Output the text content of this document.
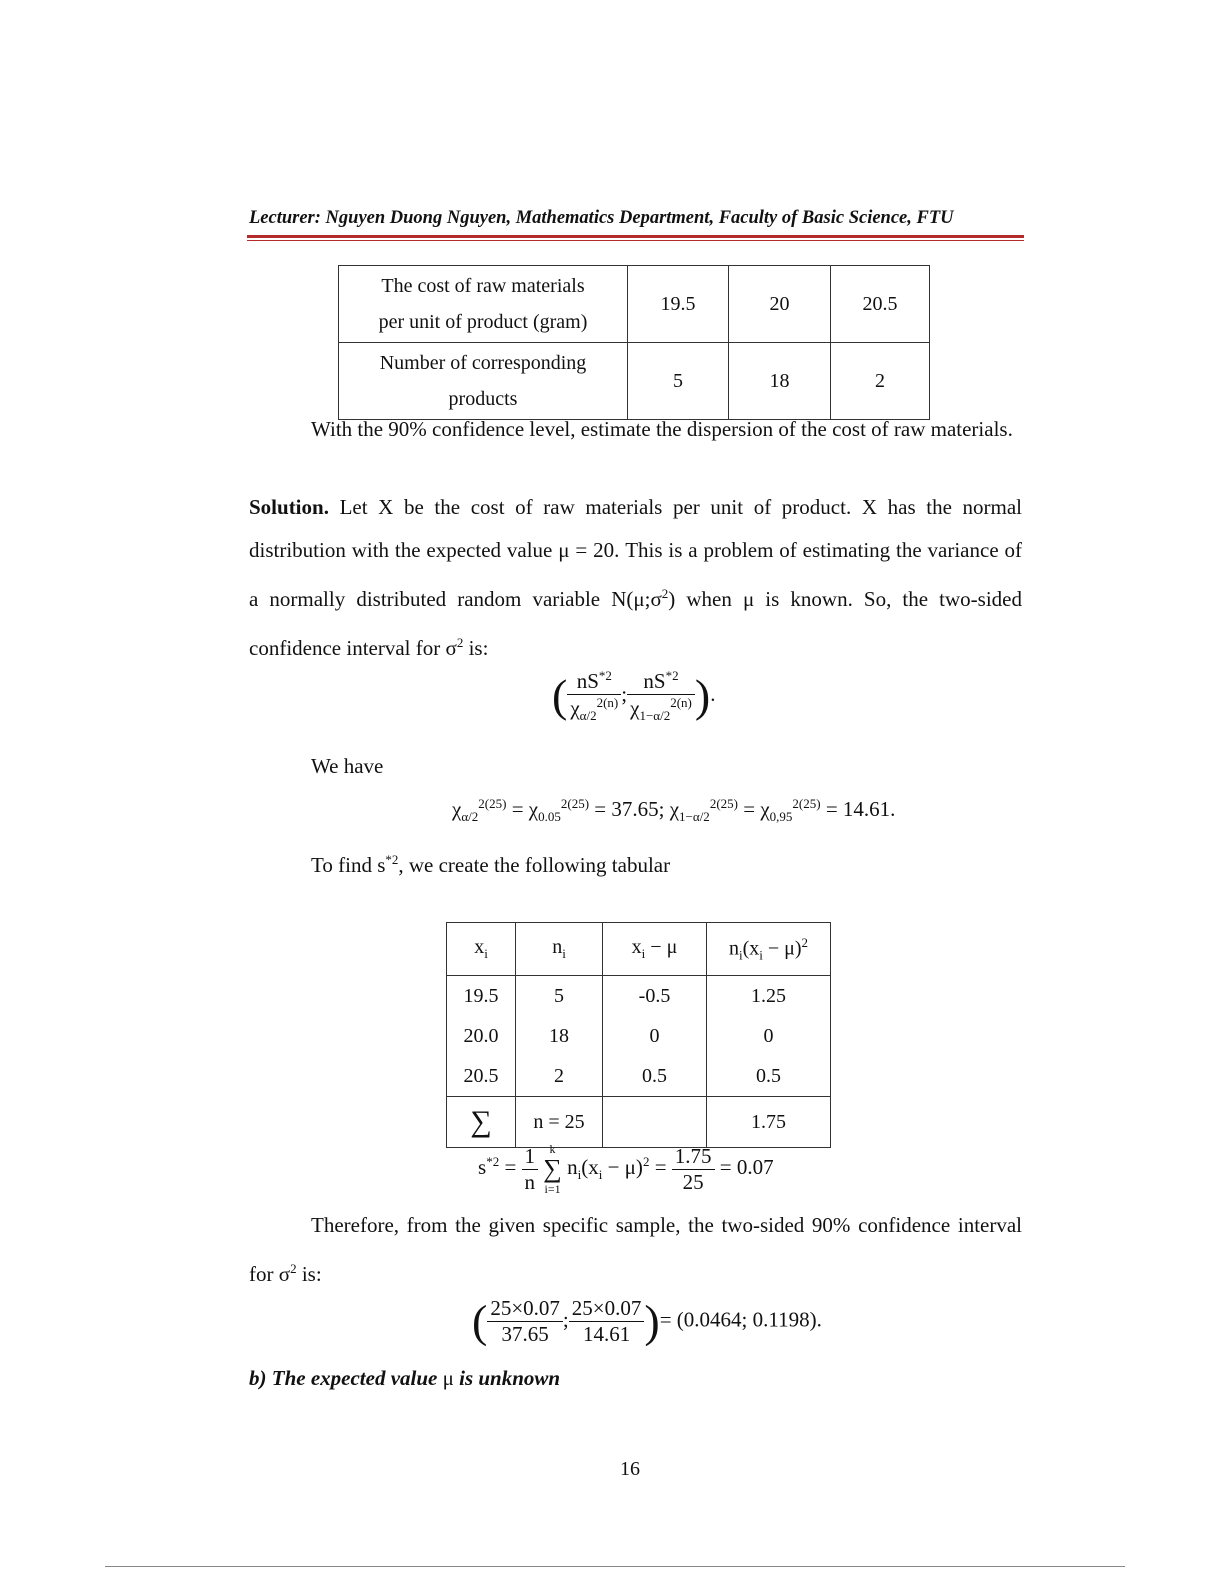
Lecturer: Nguyen Duong Nguyen, Mathematics Department, Faculty of Basic Science, FTU
The cost of raw materials
per unit of product (gram)	19.5	20	20.5
Number of corresponding
products	5	18	2
With the 90% confidence level, estimate the dispersion of the cost of raw materials.
Solution. Let X be the cost of raw materials per unit of product. X has the normal distribution with the expected value μ = 20. This is a problem of estimating the variance of a normally distributed random variable $N(\mu;\sigma^2)$ when μ is known. So, the two-sided confidence interval for $\sigma^2$ is:
( $\frac{nS^{*2}}{\chi_{\alpha/2}^{2(n)}}$ ; $\frac{nS^{*2}}{\chi_{1-\alpha/2}^{2(n)}}$ ).
We have
$\chi_{\alpha/2}^{2(25)} = \chi_{0.05}^{2(25)} = 37.65$; $\chi_{1-\alpha/2}^{2(25)} = \chi_{0,95}^{2(25)} = 14.61$.
To find $s^{*2}$, we create the following tabular
$x_i$	$n_i$	$x_i - \mu$	$n_i(x_i - \mu)^2$
19.5	5	-0.5	1.25
20.0	18	0	0
20.5	2	0.5	0.5
∑	n = 25		1.75
$s^{*2} = \frac{1}{n}$
k
∑
i=1
$n_i(x_i - \mu)^2 = \frac{1.75}{25} = 0.07$
Therefore, from the given specific sample, the two-sided 90% confidence interval for $\sigma^2$ is:
( $\frac{25\times 0.07}{37.65}$ ; $\frac{25\times 0.07}{14.61}$ )= (0.0464; 0.1198).
b) The expected value μ is unknown
16
